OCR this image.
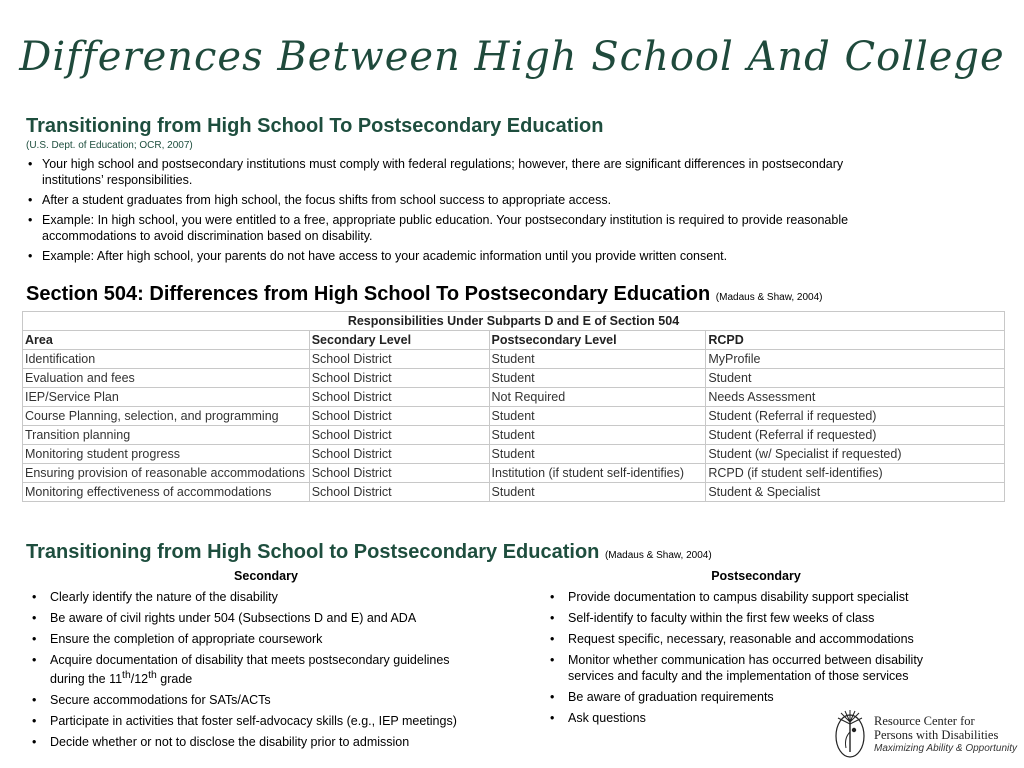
Differences Between High School And College
Transitioning from High School To Postsecondary Education
(U.S. Dept. of Education; OCR, 2007)
• Your high school and postsecondary institutions must comply with federal regulations; however, there are significant differences in postsecondary institutions’ responsibilities.
• After a student graduates from high school, the focus shifts from school success to appropriate access.
• Example: In high school, you were entitled to a free, appropriate public education. Your postsecondary institution is required to provide reasonable accommodations to avoid discrimination based on disability.
• Example: After high school, your parents do not have access to your academic information until you provide written consent.
Section 504: Differences from High School To Postsecondary Education (Madaus & Shaw, 2004)
Responsibilities Under Subparts D and E of Section 504			
Area	Secondary Level	Postsecondary Level	RCPD
Identification	School District	Student	MyProfile
Evaluation and fees	School District	Student	Student
IEP/Service Plan	School District	Not Required	Needs Assessment
Course Planning, selection, and programming	School District	Student	Student (Referral if requested)
Transition planning	School District	Student	Student (Referral if requested)
Monitoring student progress	School District	Student	Student (w/ Specialist if requested)
Ensuring provision of reasonable accommodations	School District	Institution (if student self-identifies)	RCPD (if student self-identifies)
Monitoring effectiveness of accommodations	School District	Student	Student & Specialist
Transitioning from High School to Postsecondary Education (Madaus & Shaw, 2004)
Secondary
• Clearly identify the nature of the disability
• Be aware of civil rights under 504 (Subsections D and E) and ADA
• Ensure the completion of appropriate coursework
• Acquire documentation of disability that meets postsecondary guidelines
during the 11th/12th grade
• Secure accommodations for SATs/ACTs
• Participate in activities that foster self-advocacy skills (e.g., IEP meetings)
• Decide whether or not to disclose the disability prior to admission
Postsecondary
• Provide documentation to campus disability support specialist
• Self-identify to faculty within the first few weeks of class
• Request specific, necessary, reasonable and accommodations
• Monitor whether communication has occurred between disability services and faculty and the implementation of those services
• Be aware of graduation requirements
• Ask questions	Resource Center for
Persons with Disabilities
Maximizing Ability & Opportunity
